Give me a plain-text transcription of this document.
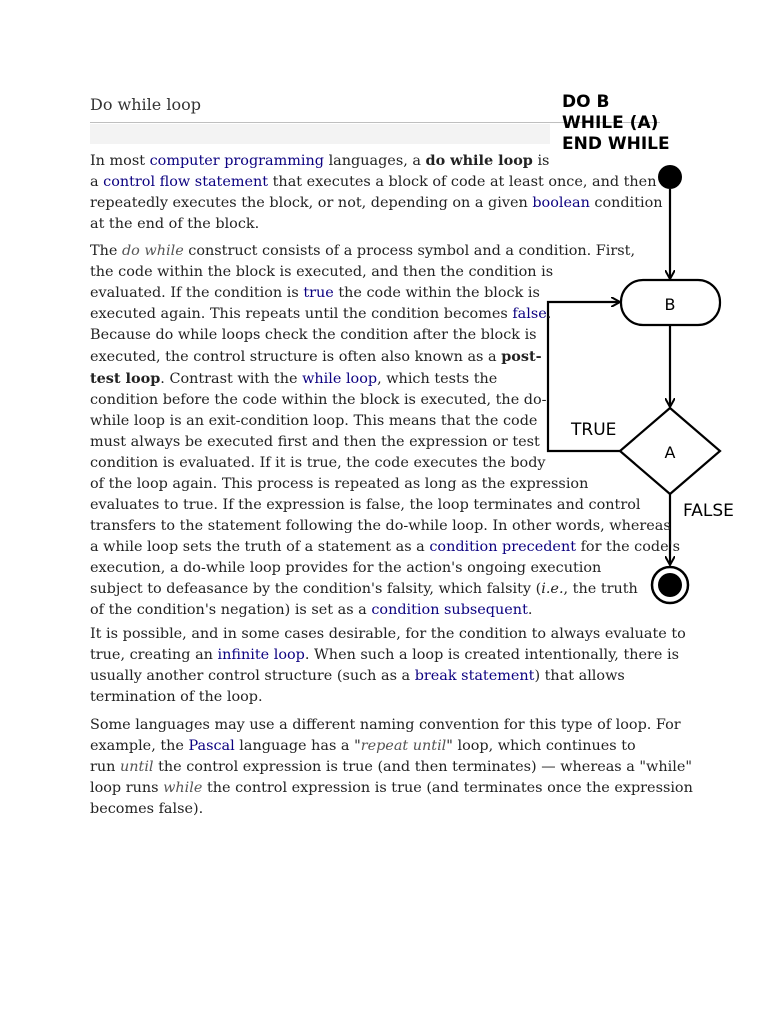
Do while loop	DO B
WHILE (A)
END WHILE
B
A
TRUE
FALSE
In most computer programming languages, a do while loop is
a control flow statement that executes a block of code at least once, and then
repeatedly executes the block, or not, depending on a given boolean condition
at the end of the block.
The do while construct consists of a process symbol and a condition. First,
the code within the block is executed, and then the condition is
evaluated. If the condition is true the code within the block is
executed again. This repeats until the condition becomes false.
Because do while loops check the condition after the block is
executed, the control structure is often also known as a post-
test loop. Contrast with the while loop, which tests the
condition before the code within the block is executed, the do-
while loop is an exit-condition loop. This means that the code
must always be executed first and then the expression or test
condition is evaluated. If it is true, the code executes the body
of the loop again. This process is repeated as long as the expression
evaluates to true. If the expression is false, the loop terminates and control
transfers to the statement following the do-while loop. In other words, whereas
a while loop sets the truth of a statement as a condition precedent for the code's
execution, a do-while loop provides for the action's ongoing execution
subject to defeasance by the condition's falsity, which falsity (i.e., the truth
of the condition's negation) is set as a condition subsequent.
It is possible, and in some cases desirable, for the condition to always evaluate to
true, creating an infinite loop. When such a loop is created intentionally, there is
usually another control structure (such as a break statement) that allows
termination of the loop.
Some languages may use a different naming convention for this type of loop. For
example, the Pascal language has a "repeat until" loop, which continues to
run until the control expression is true (and then terminates) — whereas a "while"
loop runs while the control expression is true (and terminates once the expression
becomes false).
